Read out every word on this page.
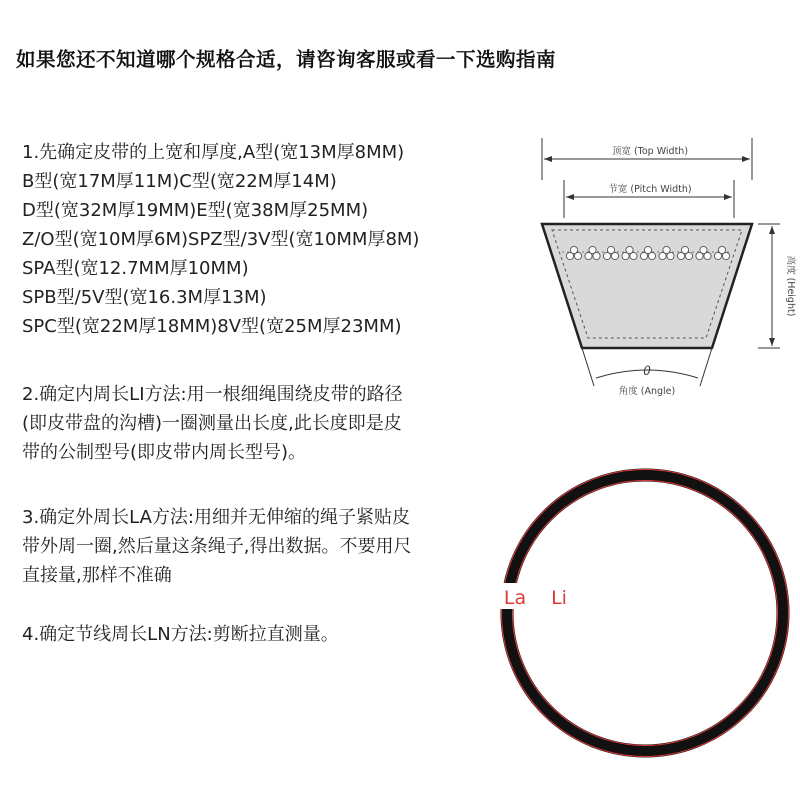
如果您还不知道哪个规格合适，请咨询客服或看一下选购指南
1.先确定皮带的上宽和厚度,A型(宽13M厚8MM)
B型(宽17M厚11M)C型(宽22M厚14M)
D型(宽32M厚19MM)E型(宽38M厚25MM)
Z/O型(宽10M厚6M)SPZ型/3V型(宽10MM厚8M)
SPA型(宽12.7MM厚10MM)
SPB型/5V型(宽16.3M厚13M)
SPC型(宽22M厚18MM)8V型(宽25M厚23MM)
2.确定内周长LI方法:用一根细绳围绕皮带的路径
(即皮带盘的沟槽)一圈测量出长度,此长度即是皮
带的公制型号(即皮带内周长型号)。
3.确定外周长LA方法:用细并无伸缩的绳子紧贴皮
带外周一圈,然后量这条绳子,得出数据。不要用尺
直接量,那样不准确
4.确定节线周长LN方法:剪断拉直测量。
顶宽 (Top Width)
节宽 (Pitch Width)
高度 (Height)
θ
角度 (Angle)
La Li
